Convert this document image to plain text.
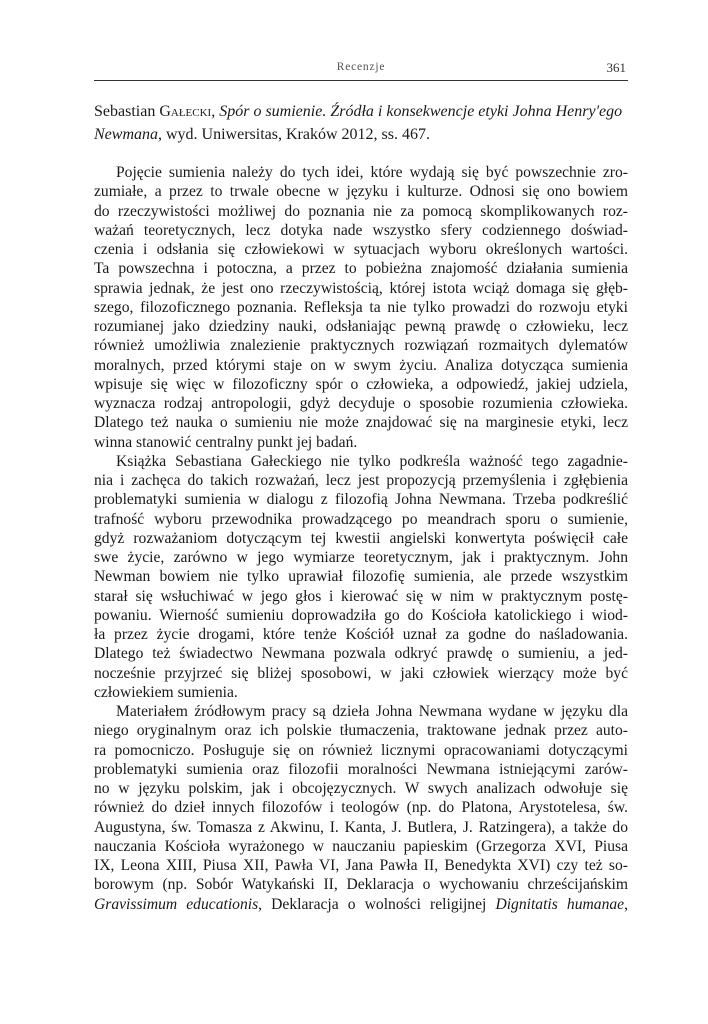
Recenzje	361
Sebastian Gałecki, Spór o sumienie. Źródła i konsekwencje etyki Johna Henry'ego
Newmana, wyd. Uniwersitas, Kraków 2012, ss. 467.

Pojęcie sumienia należy do tych idei, które wydają się być powszechnie zro-
zumiałe, a przez to trwale obecne w języku i kulturze. Odnosi się ono bowiem
do rzeczywistości możliwej do poznania nie za pomocą skomplikowanych roz-
ważań teoretycznych, lecz dotyka nade wszystko sfery codziennego doświad-
czenia i odsłania się człowiekowi w sytuacjach wyboru określonych wartości.
Ta powszechna i potoczna, a przez to pobieżna znajomość działania sumienia
sprawia jednak, że jest ono rzeczywistością, której istota wciąż domaga się głęb-
szego, filozoficznego poznania. Refleksja ta nie tylko prowadzi do rozwoju etyki
rozumianej jako dziedziny nauki, odsłaniając pewną prawdę o człowieku, lecz
również umożliwia znalezienie praktycznych rozwiązań rozmaitych dylematów
moralnych, przed którymi staje on w swym życiu. Analiza dotycząca sumienia
wpisuje się więc w filozoficzny spór o człowieka, a odpowiedź, jakiej udziela,
wyznacza rodzaj antropologii, gdyż decyduje o sposobie rozumienia człowieka.
Dlatego też nauka o sumieniu nie może znajdować się na marginesie etyki, lecz
winna stanowić centralny punkt jej badań.

Książka Sebastiana Gałeckiego nie tylko podkreśla ważność tego zagadnie-
nia i zachęca do takich rozważań, lecz jest propozycją przemyślenia i zgłębienia
problematyki sumienia w dialogu z filozofią Johna Newmana. Trzeba podkreślić
trafność wyboru przewodnika prowadzącego po meandrach sporu o sumienie,
gdyż rozważaniom dotyczącym tej kwestii angielski konwertyta poświęcił całe
swe życie, zarówno w jego wymiarze teoretycznym, jak i praktycznym. John
Newman bowiem nie tylko uprawiał filozofię sumienia, ale przede wszystkim
starał się wsłuchiwać w jego głos i kierować się w nim w praktycznym postę-
powaniu. Wierność sumieniu doprowadziła go do Kościoła katolickiego i wiod-
ła przez życie drogami, które tenże Kościół uznał za godne do naśladowania.
Dlatego też świadectwo Newmana pozwala odkryć prawdę o sumieniu, a jed-
nocześnie przyjrzeć się bliżej sposobowi, w jaki człowiek wierzący może być
człowiekiem sumienia.

Materiałem źródłowym pracy są dzieła Johna Newmana wydane w języku dla
niego oryginalnym oraz ich polskie tłumaczenia, traktowane jednak przez auto-
ra pomocniczo. Posługuje się on również licznymi opracowaniami dotyczącymi
problematyki sumienia oraz filozofii moralności Newmana istniejącymi zarów-
no w języku polskim, jak i obcojęzycznych. W swych analizach odwołuje się
również do dzieł innych filozofów i teologów (np. do Platona, Arystotelesa, św.
Augustyna, św. Tomasza z Akwinu, I. Kanta, J. Butlera, J. Ratzingera), a także do
nauczania Kościoła wyrażonego w nauczaniu papieskim (Grzegorza XVI, Piusa
IX, Leona XIII, Piusa XII, Pawła VI, Jana Pawła II, Benedykta XVI) czy też so-
borowym (np. Sobór Watykański II, Deklaracja o wychowaniu chrześcijańskim
Gravissimum educationis, Deklaracja o wolności religijnej Dignitatis humanae,
